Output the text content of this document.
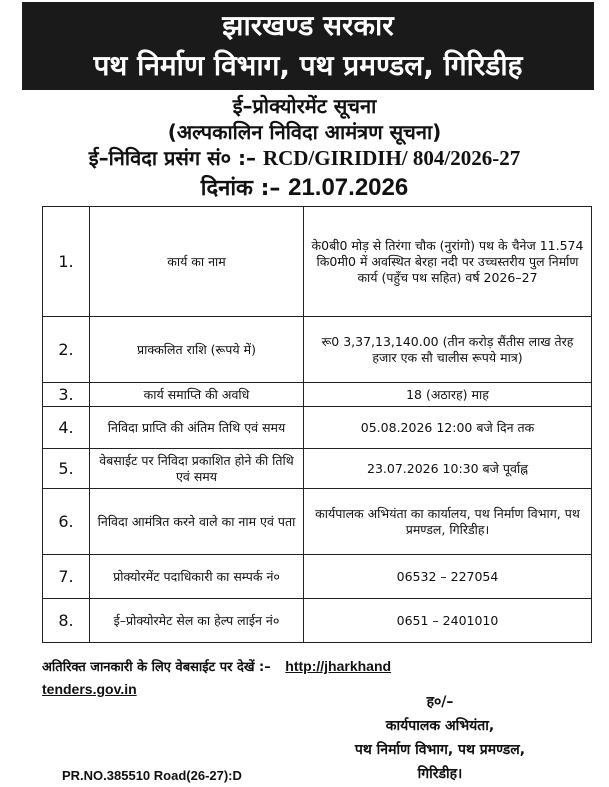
झारखण्ड सरकार
पथ निर्माण विभाग, पथ प्रमण्डल, गिरिडीह
ई–प्रोक्योरमेंट सूचना
(अल्पकालिन निविदा आमंत्रण सूचना)
ई–निविदा प्रसंग सं० :– RCD/GIRIDIH/ 804/2026-27
दिनांक :– 21.07.2026
1.	कार्य का नाम	के0बी0 मोड़ से तिरंगा चौक (नुरांगो) पथ के चैनेज 11.574 कि0मी0 में अवस्थित बेरहा नदी पर उच्चस्तरीय पुल निर्माण कार्य (पहुँच पथ सहित) वर्ष 2026–27
2.	प्राक्कलित राशि (रूपये में)	रू0 3,37,13,140.00 (तीन करोड़ सैंतीस लाख तेरह हजार एक सौ चालीस रूपये मात्र)
3.	कार्य समाप्ति की अवधि	18 (अठारह) माह
4.	निविदा प्राप्ति की अंतिम तिथि एवं समय	05.08.2026 12:00 बजे दिन तक
5.	वेबसाईट पर निविदा प्रकाशित होने की तिथि एवं समय	23.07.2026 10:30 बजे पूर्वाह्न
6.	निविदा आमंत्रित करने वाले का नाम एवं पता	कार्यपालक अभियंता का कार्यालय, पथ निर्माण विभाग, पथ प्रमण्डल, गिरिडीह।
7.	प्रोक्योरमेंट पदाधिकारी का सम्पर्क नं०	06532 – 227054
8.	ई–प्रोक्योरमेट सेल का हेल्प लाईन नं०	0651 – 2401010
अतिरिक्त जानकारी के लिए वेबसाईट पर देखें :– http://jharkhand
tenders.gov.in
ह०/–
कार्यपालक अभियंता,
पथ निर्माण विभाग, पथ प्रमण्डल,
गिरिडीह।
PR.NO.385510 Road(26-27):D
